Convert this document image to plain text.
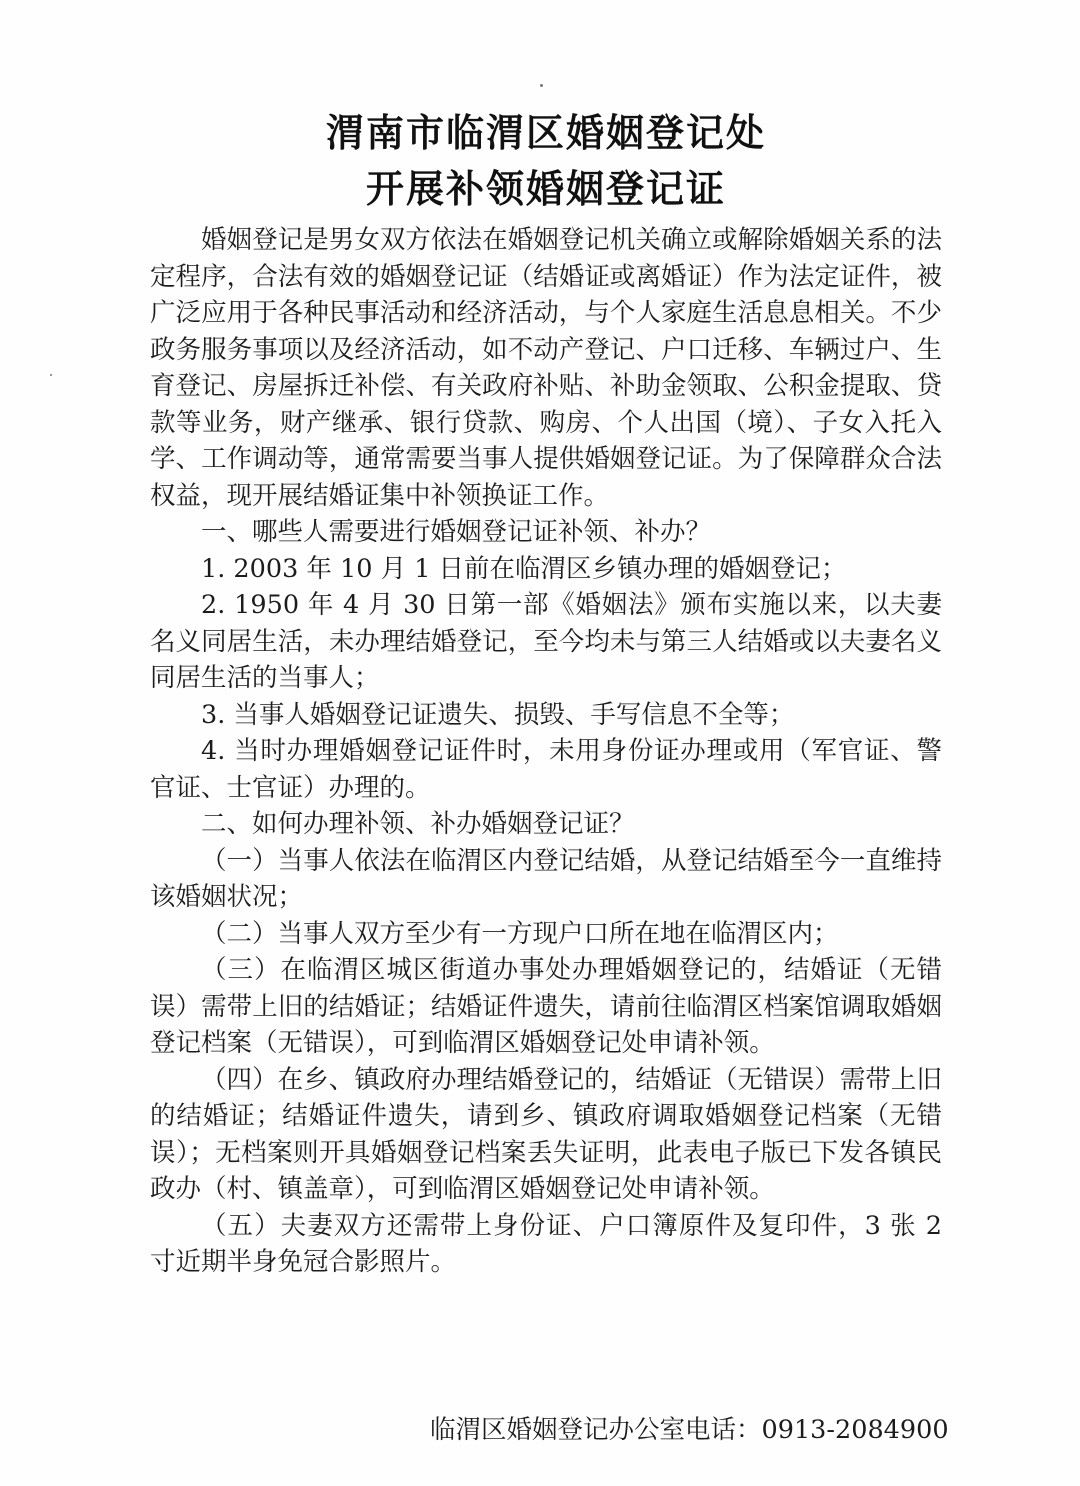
渭南市临渭区婚姻登记处
开展补领婚姻登记证

婚姻登记是男女双方依法在婚姻登记机关确立或解除婚姻关系的法定程序，合法有效的婚姻登记证（结婚证或离婚证）作为法定证件，被广泛应用于各种民事活动和经济活动，与个人家庭生活息息相关。不少政务服务事项以及经济活动，如不动产登记、户口迁移、车辆过户、生育登记、房屋拆迁补偿、有关政府补贴、补助金领取、公积金提取、贷款等业务，财产继承、银行贷款、购房、个人出国（境）、子女入托入学、工作调动等，通常需要当事人提供婚姻登记证。为了保障群众合法权益，现开展结婚证集中补领换证工作。

一、哪些人需要进行婚姻登记证补领、补办？

1. 2003 年 10 月 1 日前在临渭区乡镇办理的婚姻登记；

2. 1950 年 4 月 30 日第一部《婚姻法》颁布实施以来，以夫妻名义同居生活，未办理结婚登记，至今均未与第三人结婚或以夫妻名义同居生活的当事人；

3. 当事人婚姻登记证遗失、损毁、手写信息不全等；

4. 当时办理婚姻登记证件时，未用身份证办理或用（军官证、警官证、士官证）办理的。

二、如何办理补领、补办婚姻登记证？

（一）当事人依法在临渭区内登记结婚，从登记结婚至今一直维持该婚姻状况；

（二）当事人双方至少有一方现户口所在地在临渭区内；

（三）在临渭区城区街道办事处办理婚姻登记的，结婚证（无错误）需带上旧的结婚证；结婚证件遗失，请前往临渭区档案馆调取婚姻登记档案（无错误），可到临渭区婚姻登记处申请补领。

（四）在乡、镇政府办理结婚登记的，结婚证（无错误）需带上旧的结婚证；结婚证件遗失，请到乡、镇政府调取婚姻登记档案（无错误）；无档案则开具婚姻登记档案丢失证明，此表电子版已下发各镇民政办（村、镇盖章），可到临渭区婚姻登记处申请补领。

（五）夫妻双方还需带上身份证、户口簿原件及复印件，3 张 2 寸近期半身免冠合影照片。

临渭区婚姻登记办公室电话：0913-2084900
